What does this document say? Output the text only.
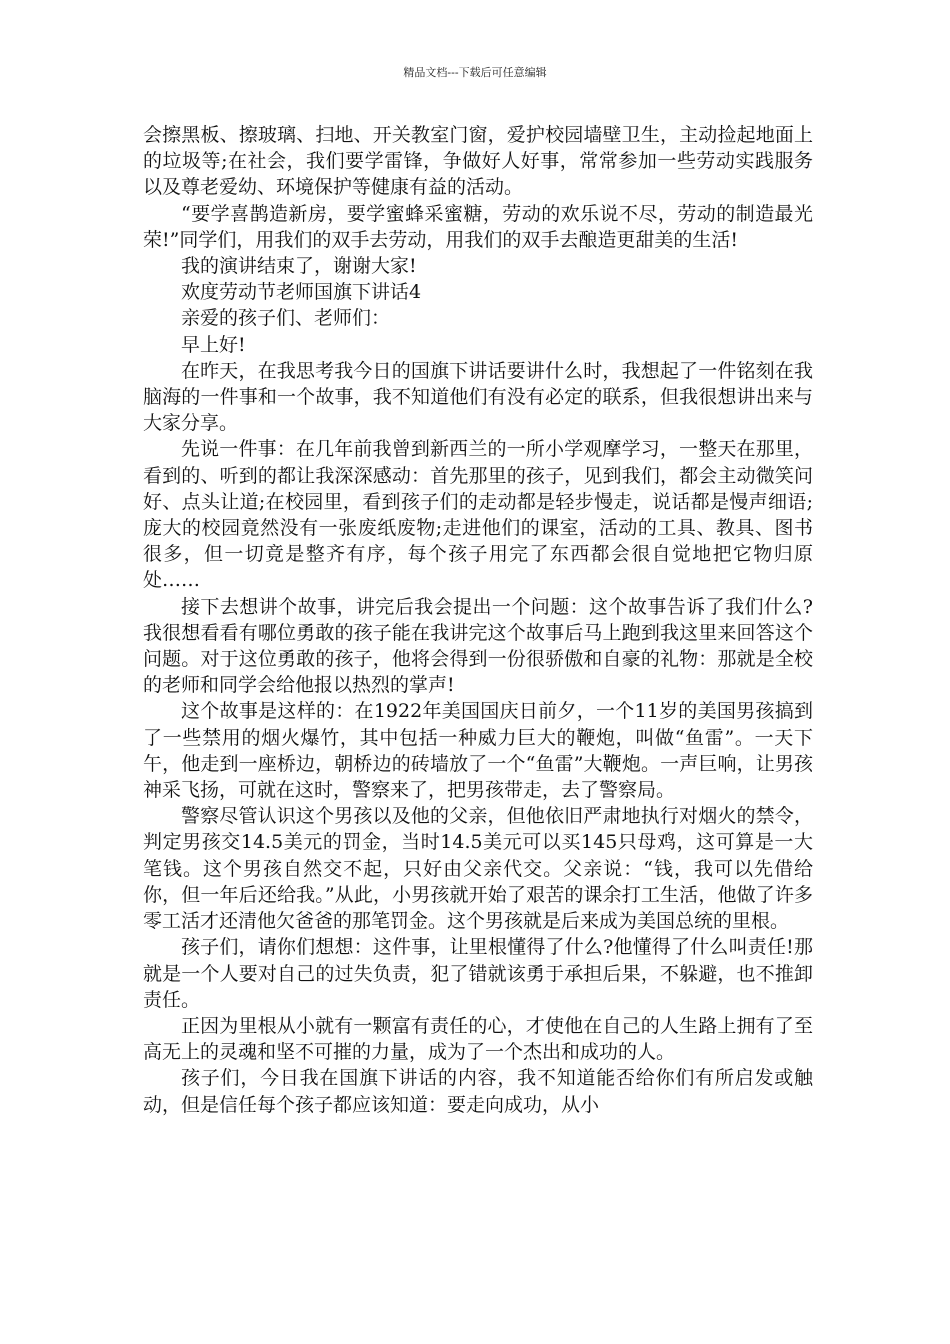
精品文档---下载后可任意编辑

会擦黑板、擦玻璃、扫地、开关教室门窗，爱护校园墙壁卫生，主动捡起地面上的垃圾等;在社会，我们要学雷锋，争做好人好事，常常参加一些劳动实践服务以及尊老爱幼、环境保护等健康有益的活动。

“要学喜鹊造新房，要学蜜蜂采蜜糖，劳动的欢乐说不尽，劳动的制造最光荣!”同学们，用我们的双手去劳动，用我们的双手去酿造更甜美的生活!

我的演讲结束了，谢谢大家!

欢度劳动节老师国旗下讲话4

亲爱的孩子们、老师们：

早上好!

在昨天，在我思考我今日的国旗下讲话要讲什么时，我想起了一件铭刻在我脑海的一件事和一个故事，我不知道他们有没有必定的联系，但我很想讲出来与大家分享。

先说一件事：在几年前我曾到新西兰的一所小学观摩学习，一整天在那里，看到的、听到的都让我深深感动：首先那里的孩子，见到我们，都会主动微笑问好、点头让道;在校园里，看到孩子们的走动都是轻步慢走，说话都是慢声细语;庞大的校园竟然没有一张废纸废物;走进他们的课室，活动的工具、教具、图书很多，但一切竟是整齐有序，每个孩子用完了东西都会很自觉地把它物归原处……

接下去想讲个故事，讲完后我会提出一个问题：这个故事告诉了我们什么?我很想看看有哪位勇敢的孩子能在我讲完这个故事后马上跑到我这里来回答这个问题。对于这位勇敢的孩子，他将会得到一份很骄傲和自豪的礼物：那就是全校的老师和同学会给他报以热烈的掌声!

这个故事是这样的：在1922年美国国庆日前夕，一个11岁的美国男孩搞到了一些禁用的烟火爆竹，其中包括一种威力巨大的鞭炮，叫做“鱼雷”。一天下午，他走到一座桥边，朝桥边的砖墙放了一个“鱼雷”大鞭炮。一声巨响，让男孩神采飞扬，可就在这时，警察来了，把男孩带走，去了警察局。

警察尽管认识这个男孩以及他的父亲，但他依旧严肃地执行对烟火的禁令，判定男孩交14.5美元的罚金，当时14.5美元可以买145只母鸡，这可算是一大笔钱。这个男孩自然交不起，只好由父亲代交。父亲说：“钱，我可以先借给你，但一年后还给我。”从此，小男孩就开始了艰苦的课余打工生活，他做了许多零工活才还清他欠爸爸的那笔罚金。这个男孩就是后来成为美国总统的里根。

孩子们，请你们想想：这件事，让里根懂得了什么?他懂得了什么叫责任!那就是一个人要对自己的过失负责，犯了错就该勇于承担后果，不躲避，也不推卸责任。

正因为里根从小就有一颗富有责任的心，才使他在自己的人生路上拥有了至高无上的灵魂和坚不可摧的力量，成为了一个杰出和成功的人。

孩子们，今日我在国旗下讲话的内容，我不知道能否给你们有所启发或触动，但是信任每个孩子都应该知道：要走向成功，从小
